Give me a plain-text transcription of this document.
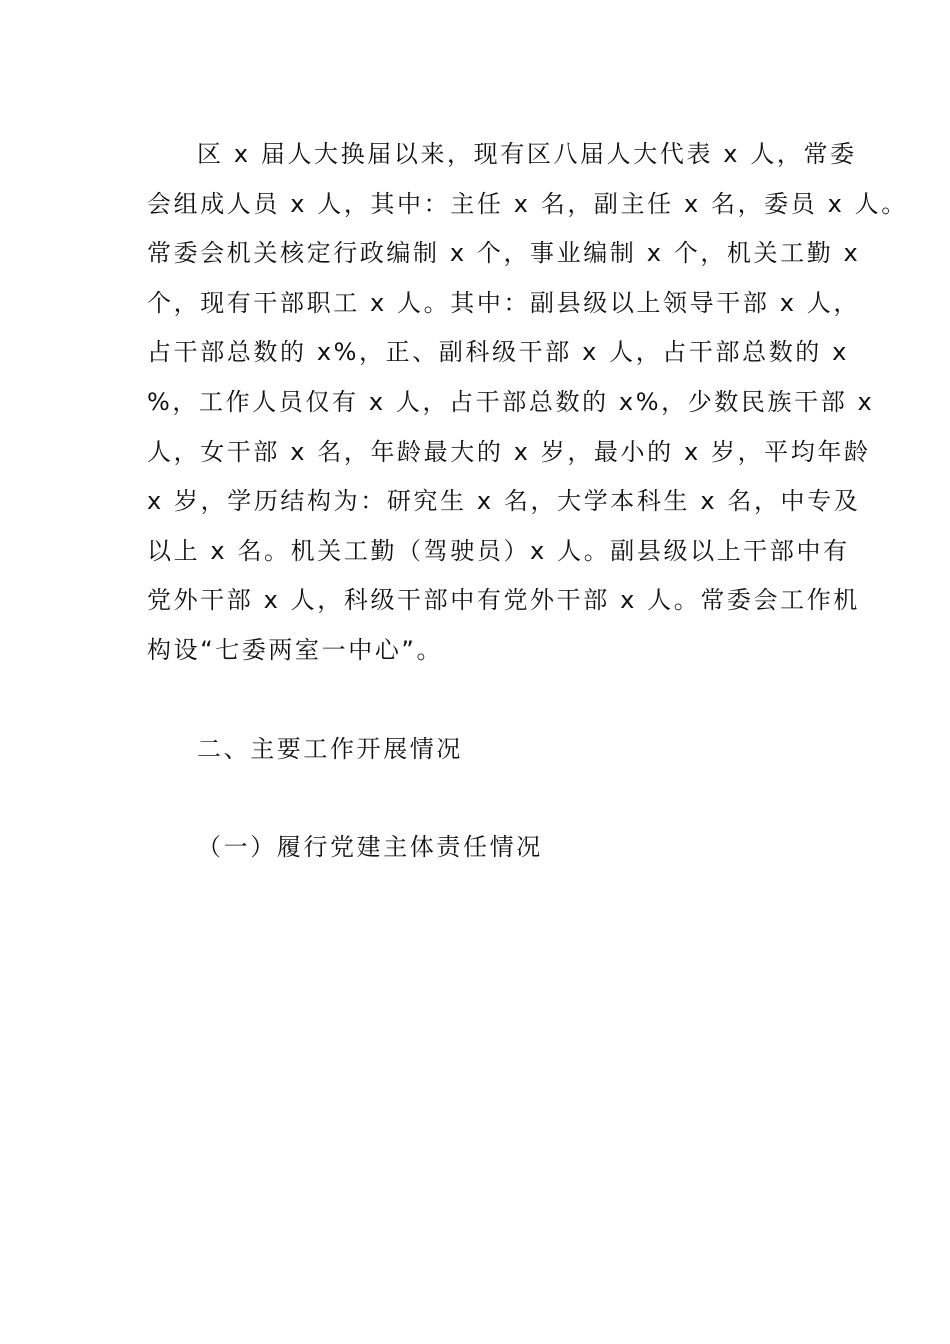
区 x 届人大换届以来，现有区八届人大代表 x 人，常委
会组成人员 x 人，其中：主任 x 名，副主任 x 名，委员 x 人。
常委会机关核定行政编制 x 个，事业编制 x 个，机关工勤 x
个，现有干部职工 x 人。其中：副县级以上领导干部 x 人，
占干部总数的 x%，正、副科级干部 x 人，占干部总数的 x
%，工作人员仅有 x 人，占干部总数的 x%，少数民族干部 x
人，女干部 x 名，年龄最大的 x 岁，最小的 x 岁，平均年龄
x 岁，学历结构为：研究生 x 名，大学本科生 x 名，中专及
以上 x 名。机关工勤（驾驶员）x 人。副县级以上干部中有
党外干部 x 人，科级干部中有党外干部 x 人。常委会工作机
构设“七委两室一中心”。
二、主要工作开展情况
（一）履行党建主体责任情况
